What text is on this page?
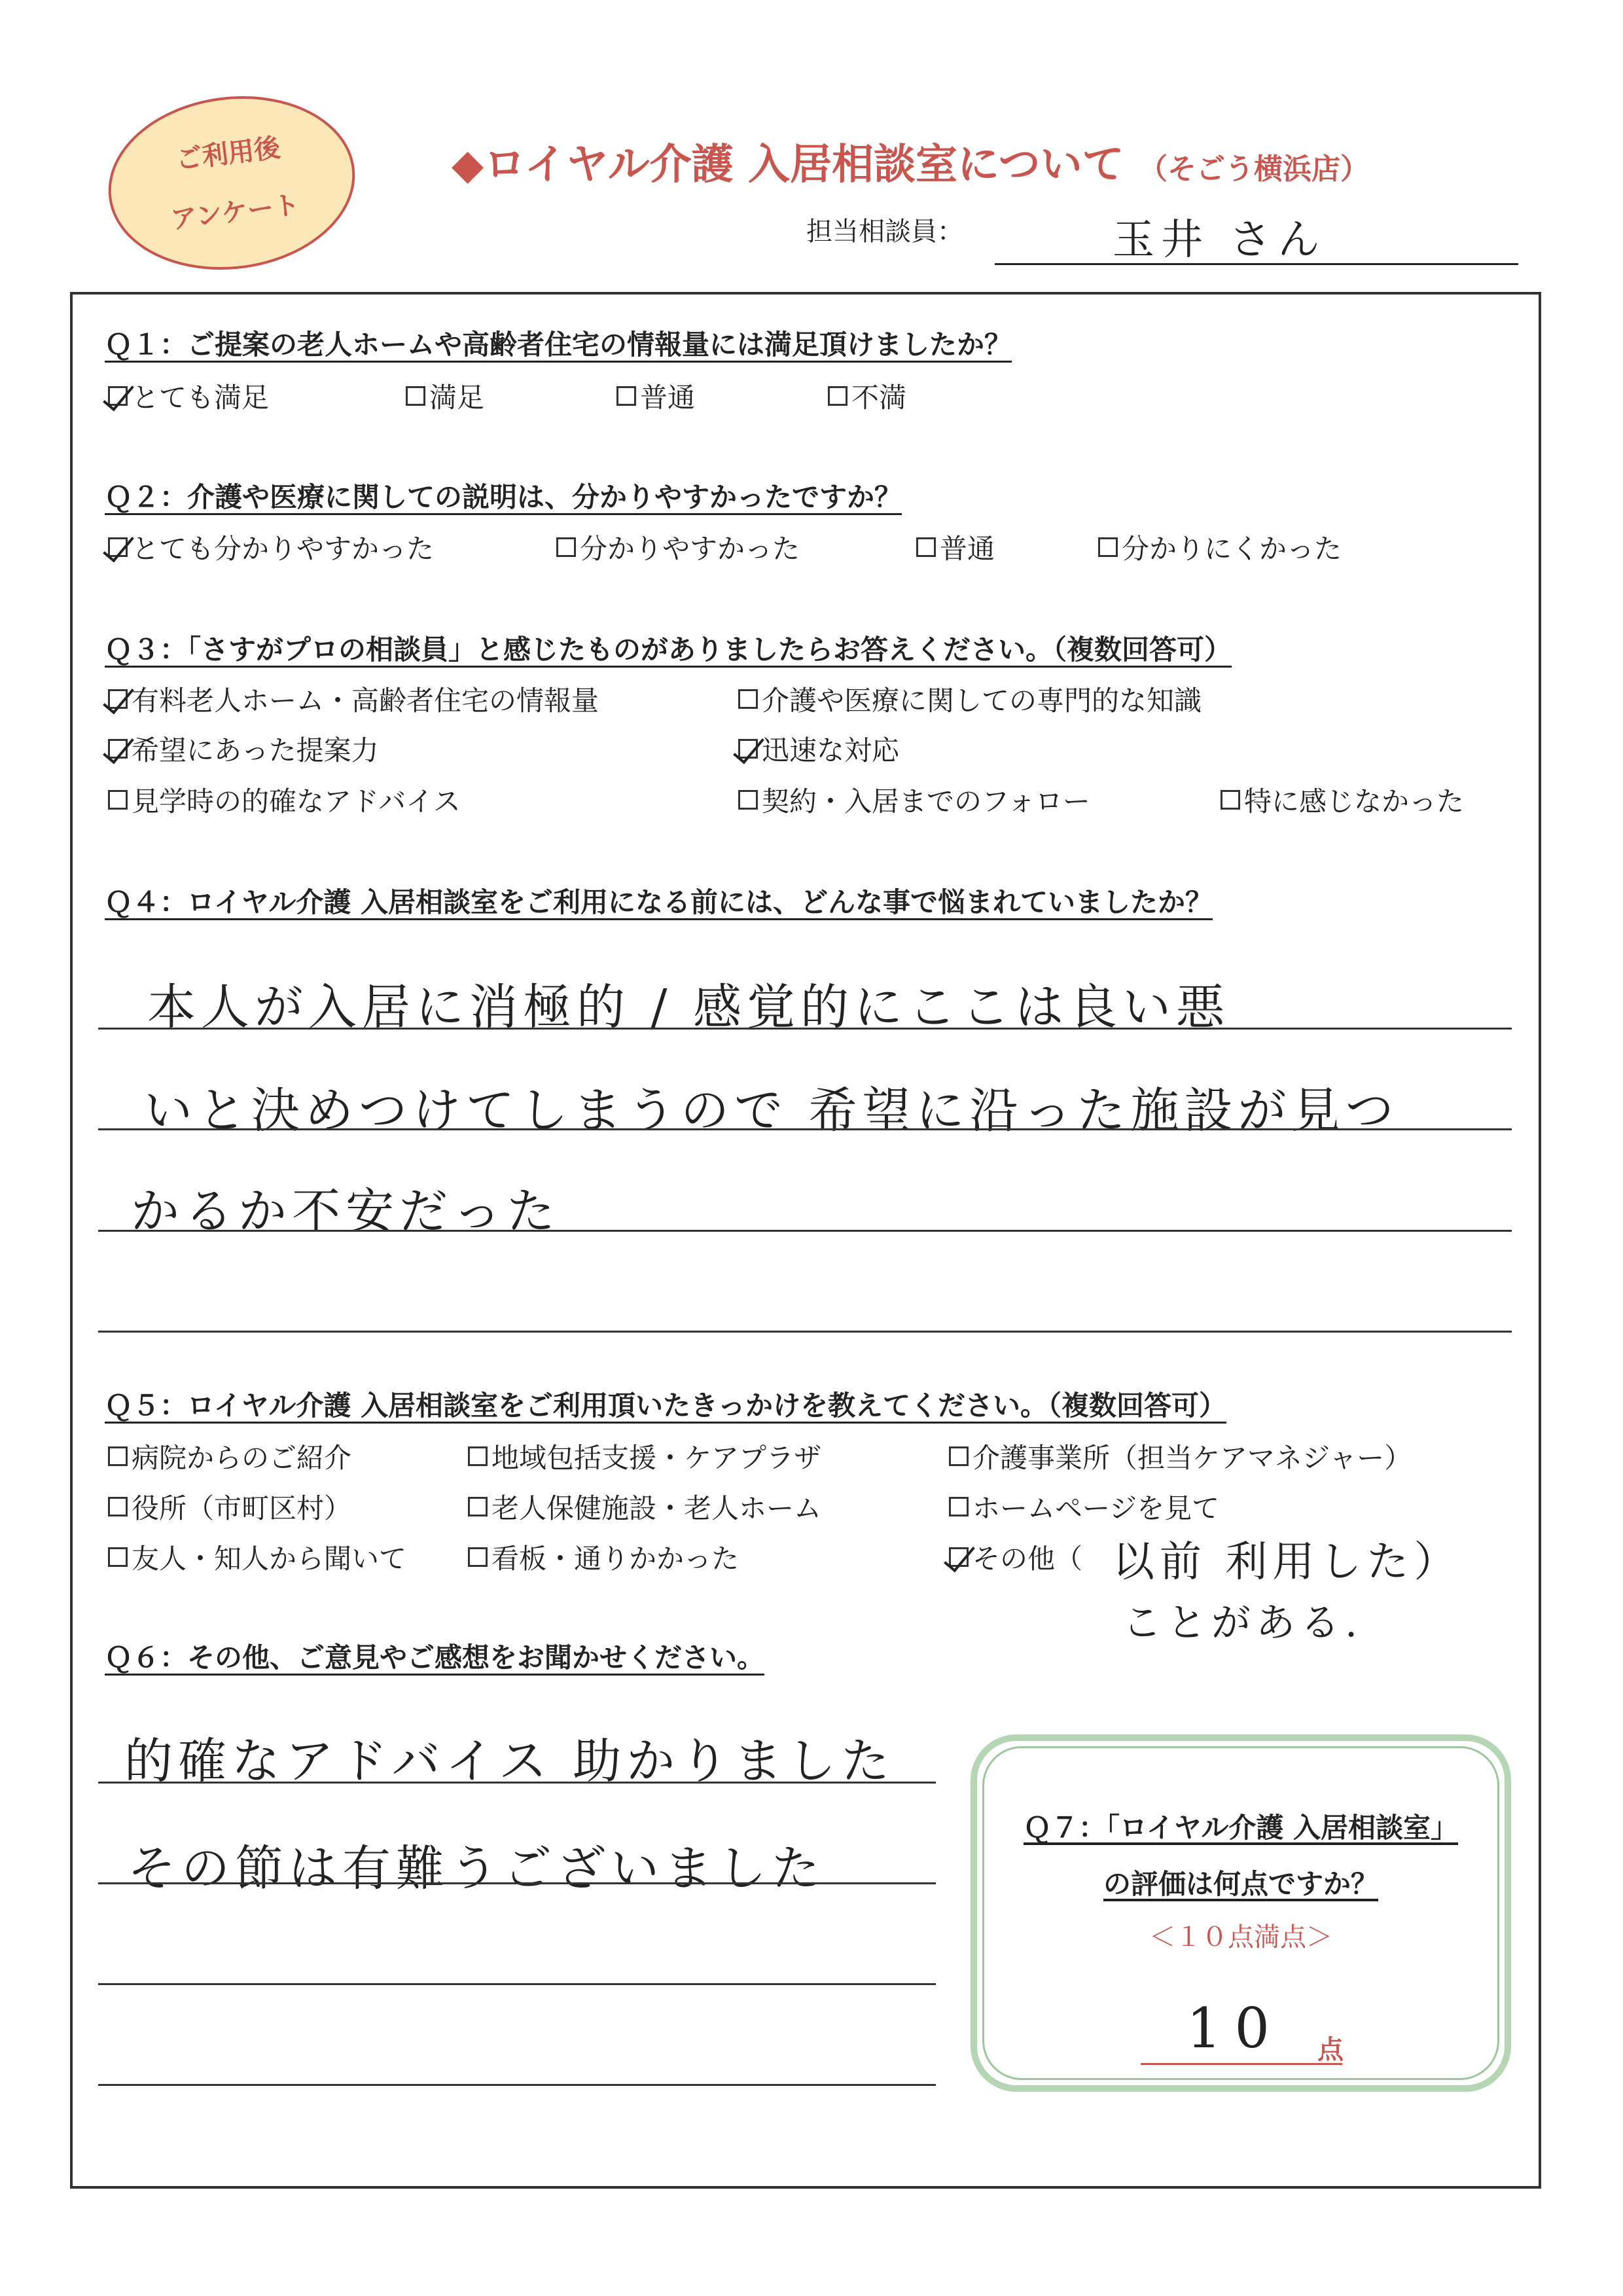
ご利用後
アンケート
◆ロイヤル介護 入居相談室について （そごう横浜店）
担当相談員：	玉井 さん
Ｑ１：ご提案の老人ホームや高齢者住宅の情報量には満足頂けましたか？
とても満足	満足	普通	不満
Ｑ２：介護や医療に関しての説明は、分かりやすかったですか？
とても分かりやすかった	分かりやすかった	普通	分かりにくかった
Ｑ３：「さすがプロの相談員」と感じたものがありましたらお答えください。（複数回答可）
有料老人ホーム・高齢者住宅の情報量	介護や医療に関しての専門的な知識
希望にあった提案力	迅速な対応
見学時の的確なアドバイス	契約・入居までのフォロー	特に感じなかった
Ｑ４：ロイヤル介護 入居相談室をご利用になる前には、どんな事で悩まれていましたか？
本人が入居に消極的 / 感覚的にここは良い悪
いと決めつけてしまうので 希望に沿った施設が見つ
かるか不安だった
Ｑ５：ロイヤル介護 入居相談室をご利用頂いたきっかけを教えてください。（複数回答可）
病院からのご紹介	地域包括支援・ケアプラザ	介護事業所（担当ケアマネジャー）
役所（市町区村）	老人保健施設・老人ホーム	ホームページを見て
友人・知人から聞いて	看板・通りかかった	その他（ 以前 利用した）
ことがある.
Ｑ６：その他、ご意見やご感想をお聞かせください。
的確なアドバイス 助かりました
その節は有難うございました
Ｑ７：「ロイヤル介護 入居相談室」
の評価は何点ですか？
＜１０点満点＞
10 点
